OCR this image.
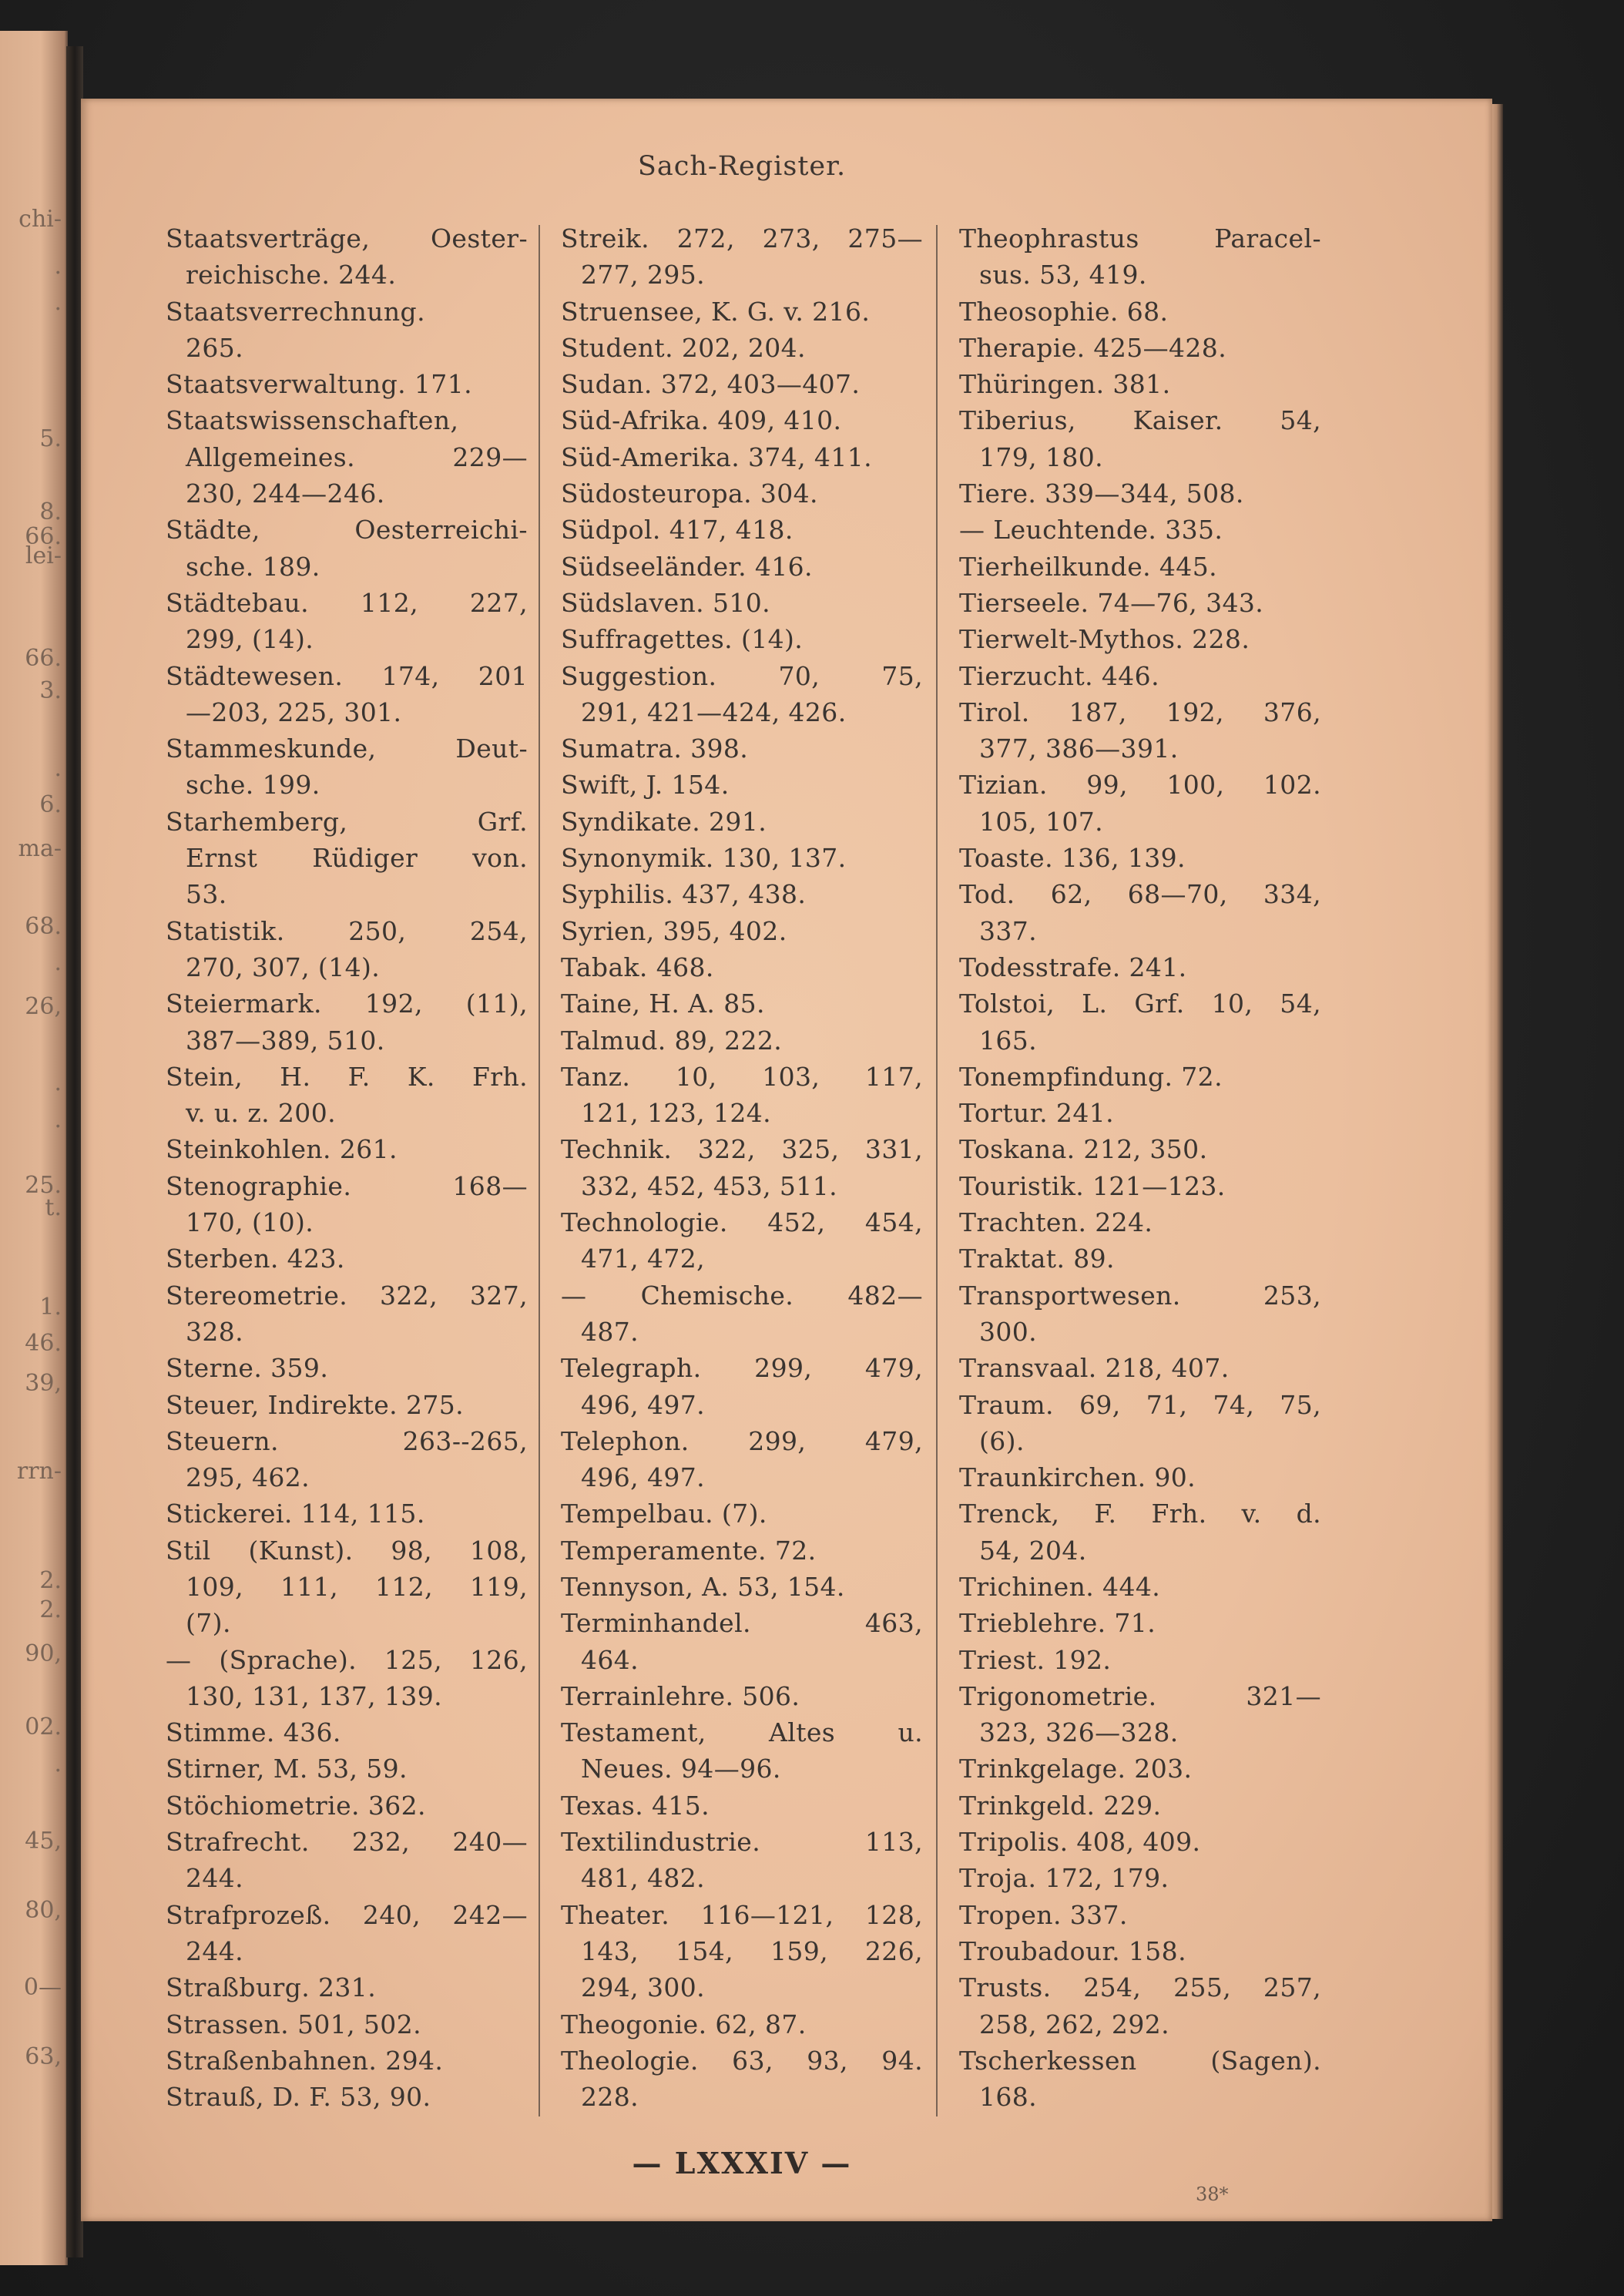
chi-
.
.
5.
8.
66.
lei-
66.
3.
.
6.
ma-
68.
.
26,
.
.
25.
t.
1.
46.
39,
rrn-
2.
2.
90,
02.
.
45,
80,
0—
63,
Sach-Register.
Staatsverträge, Oester-
reichische. 244.
Staatsverrechnung.
265.
Staatsverwaltung. 171.
Staatswissenschaften,
Allgemeines. 229—
230, 244—246.
Städte, Oesterreichi-
sche. 189.
Städtebau. 112, 227,
299, (14).
Städtewesen. 174, 201
—203, 225, 301.
Stammeskunde, Deut-
sche. 199.
Starhemberg, Grf.
Ernst Rüdiger von.
53.
Statistik. 250, 254,
270, 307, (14).
Steiermark. 192, (11),
387—389, 510.
Stein, H. F. K. Frh.
v. u. z. 200.
Steinkohlen. 261.
Stenographie. 168—
170, (10).
Sterben. 423.
Stereometrie. 322, 327,
328.
Sterne. 359.
Steuer, Indirekte. 275.
Steuern. 263--265,
295, 462.
Stickerei. 114, 115.
Stil (Kunst). 98, 108,
109, 111, 112, 119,
(7).
— (Sprache). 125, 126,
130, 131, 137, 139.
Stimme. 436.
Stirner, M. 53, 59.
Stöchiometrie. 362.
Strafrecht. 232, 240—
244.
Strafprozeß. 240, 242—
244.
Straßburg. 231.
Strassen. 501, 502.
Straßenbahnen. 294.
Strauß, D. F. 53, 90.
Streik. 272, 273, 275—
277, 295.
Struensee, K. G. v. 216.
Student. 202, 204.
Sudan. 372, 403—407.
Süd-Afrika. 409, 410.
Süd-Amerika. 374, 411.
Südosteuropa. 304.
Südpol. 417, 418.
Südseeländer. 416.
Südslaven. 510.
Suffragettes. (14).
Suggestion. 70, 75,
291, 421—424, 426.
Sumatra. 398.
Swift, J. 154.
Syndikate. 291.
Synonymik. 130, 137.
Syphilis. 437, 438.
Syrien, 395, 402.
Tabak. 468.
Taine, H. A. 85.
Talmud. 89, 222.
Tanz. 10, 103, 117,
121, 123, 124.
Technik. 322, 325, 331,
332, 452, 453, 511.
Technologie. 452, 454,
471, 472,
— Chemische. 482—
487.
Telegraph. 299, 479,
496, 497.
Telephon. 299, 479,
496, 497.
Tempelbau. (7).
Temperamente. 72.
Tennyson, A. 53, 154.
Terminhandel. 463,
464.
Terrainlehre. 506.
Testament, Altes u.
Neues. 94—96.
Texas. 415.
Textilindustrie. 113,
481, 482.
Theater. 116—121, 128,
143, 154, 159, 226,
294, 300.
Theogonie. 62, 87.
Theologie. 63, 93, 94.
228.
Theophrastus Paracel-
sus. 53, 419.
Theosophie. 68.
Therapie. 425—428.
Thüringen. 381.
Tiberius, Kaiser. 54,
179, 180.
Tiere. 339—344, 508.
— Leuchtende. 335.
Tierheilkunde. 445.
Tierseele. 74—76, 343.
Tierwelt-Mythos. 228.
Tierzucht. 446.
Tirol. 187, 192, 376,
377, 386—391.
Tizian. 99, 100, 102.
105, 107.
Toaste. 136, 139.
Tod. 62, 68—70, 334,
337.
Todesstrafe. 241.
Tolstoi, L. Grf. 10, 54,
165.
Tonempfindung. 72.
Tortur. 241.
Toskana. 212, 350.
Touristik. 121—123.
Trachten. 224.
Traktat. 89.
Transportwesen. 253,
300.
Transvaal. 218, 407.
Traum. 69, 71, 74, 75,
(6).
Traunkirchen. 90.
Trenck, F. Frh. v. d.
54, 204.
Trichinen. 444.
Trieblehre. 71.
Triest. 192.
Trigonometrie. 321—
323, 326—328.
Trinkgelage. 203.
Trinkgeld. 229.
Tripolis. 408, 409.
Troja. 172, 179.
Tropen. 337.
Troubadour. 158.
Trusts. 254, 255, 257,
258, 262, 292.
Tscherkessen (Sagen).
168.
— LXXXIV —
38*
